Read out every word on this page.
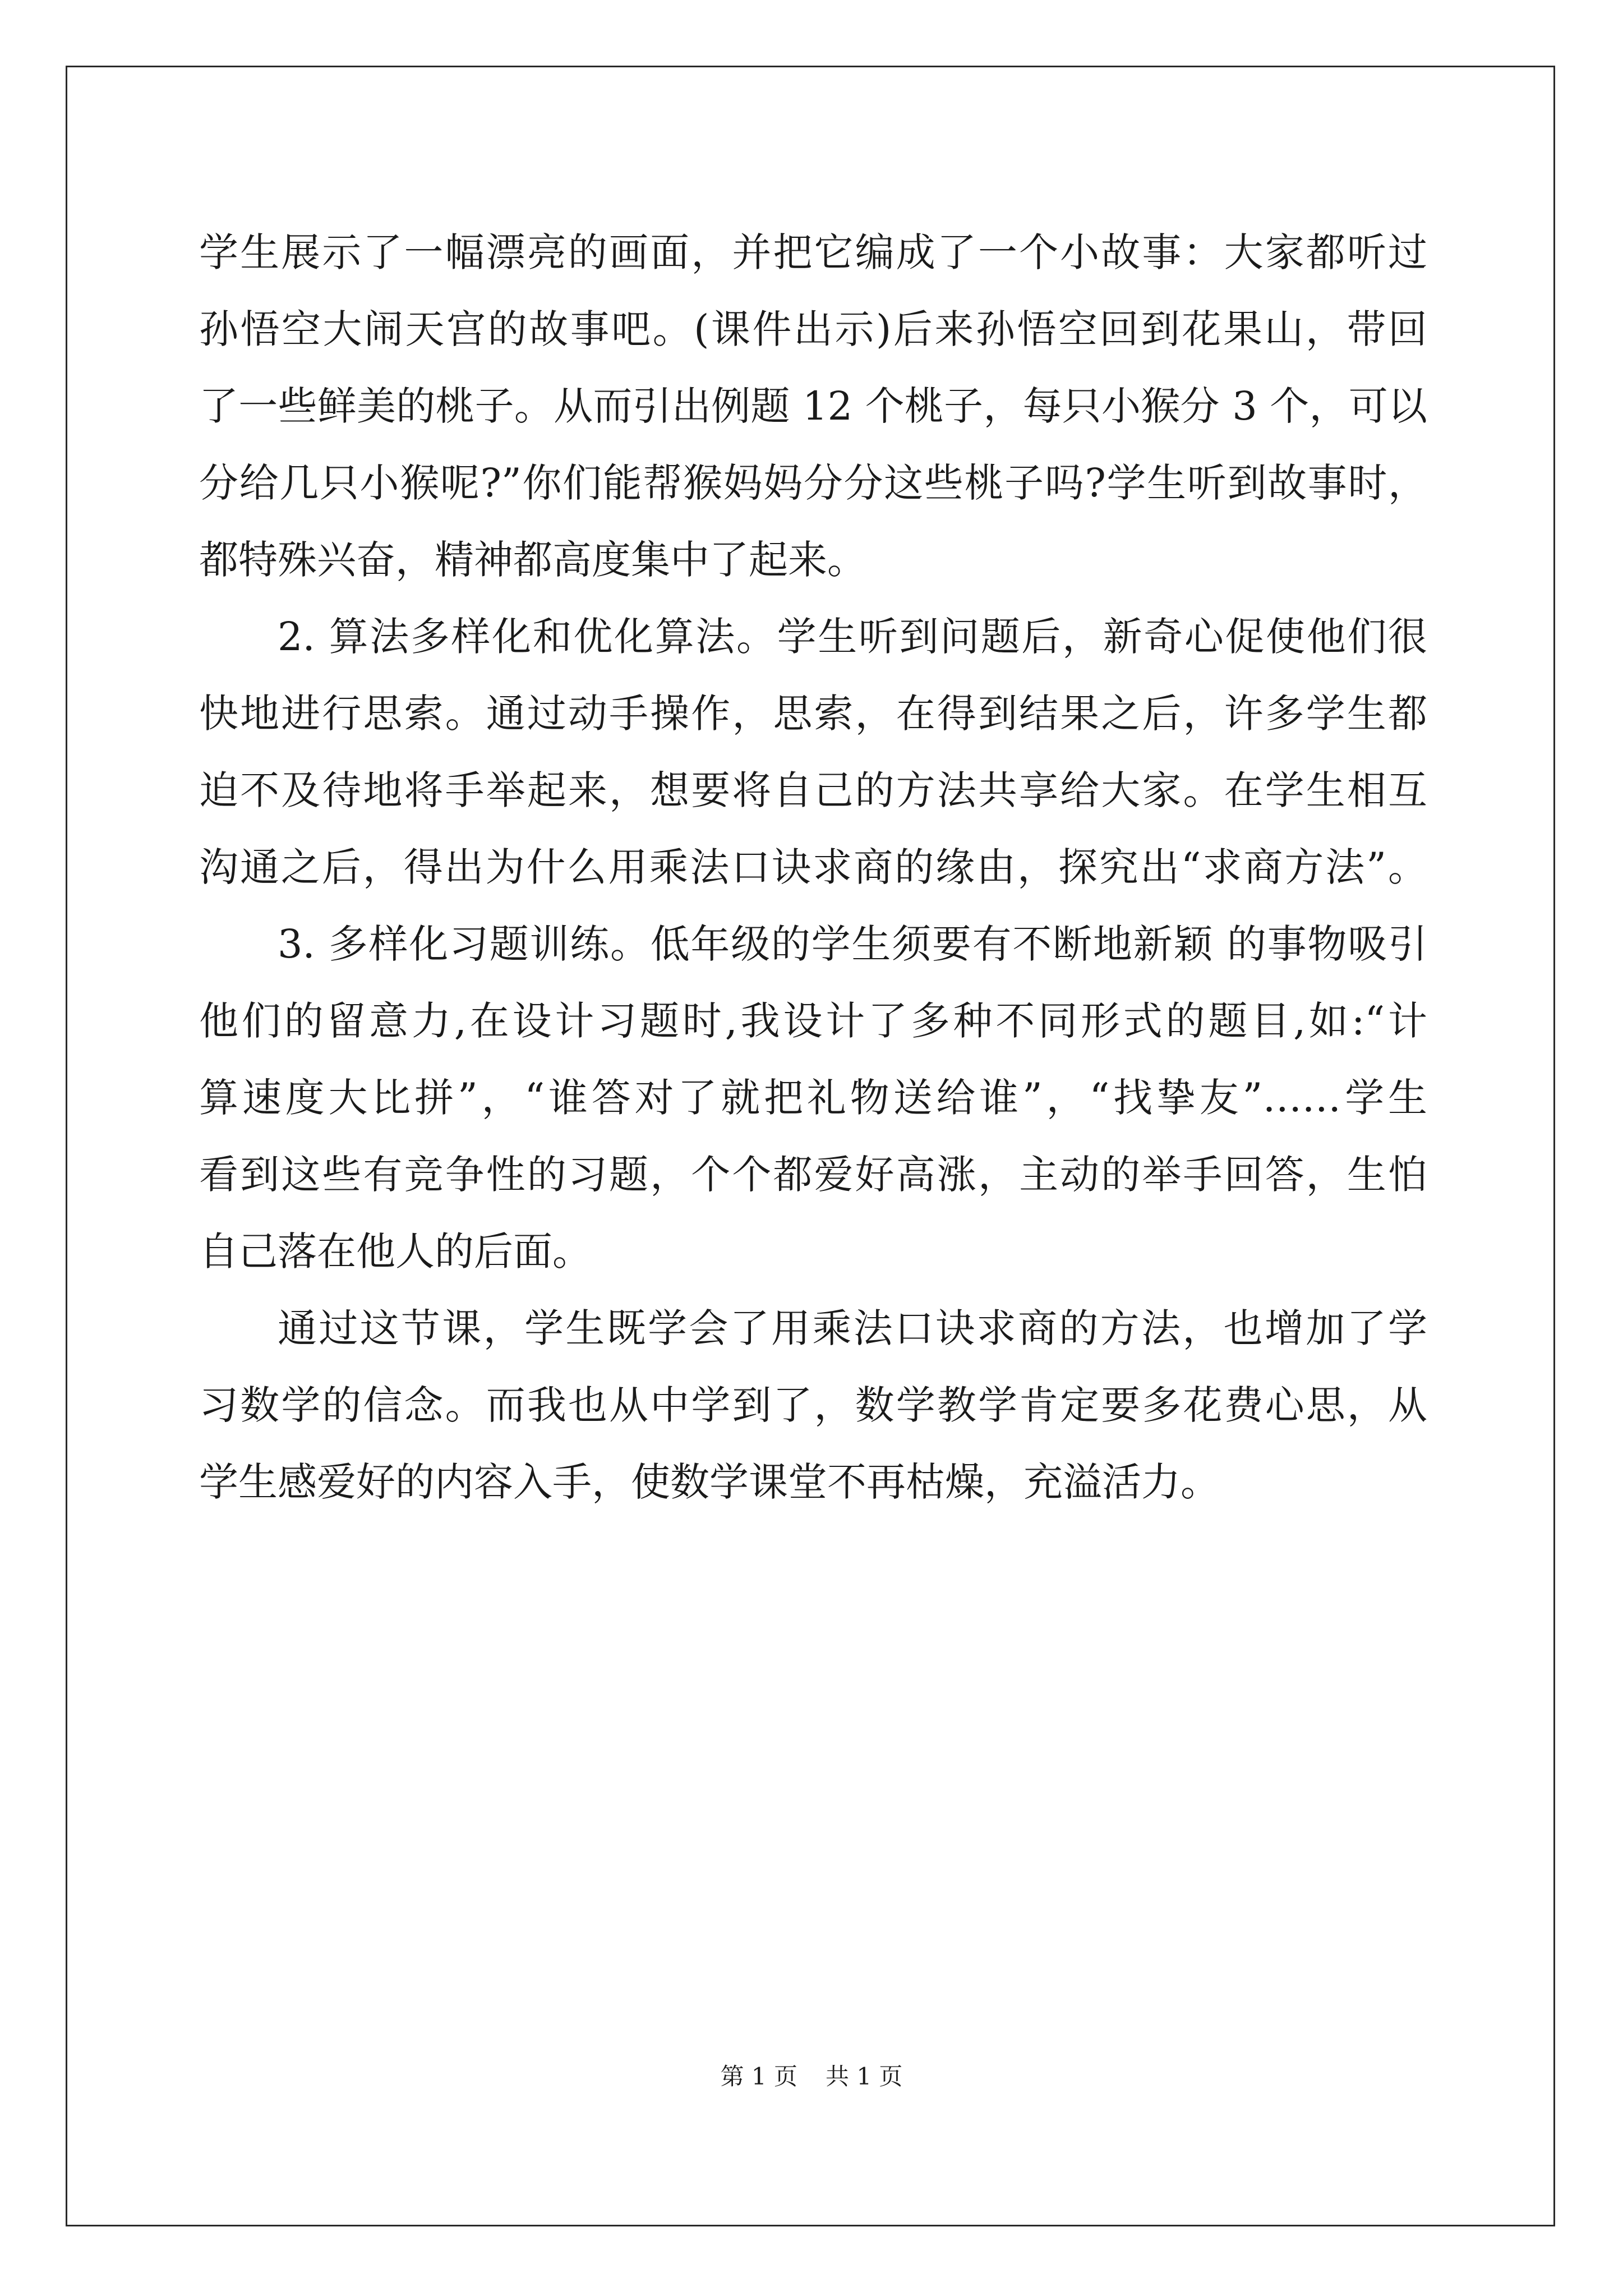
学生展示了一幅漂亮的画面，并把它编成了一个小故事：大家都听过
孙悟空大闹天宫的故事吧。(课件出示)后来孙悟空回到花果山，带回
了一些鲜美的桃子。从而引出例题 12 个桃子，每只小猴分 3 个，可以
分给几只小猴呢?”你们能帮猴妈妈分分这些桃子吗?学生听到故事时，
都特殊兴奋，精神都高度集中了起来。
2. 算法多样化和优化算法。学生听到问题后，新奇心促使他们很
快地进行思索。通过动手操作，思索，在得到结果之后，许多学生都
迫不及待地将手举起来，想要将自己的方法共享给大家。在学生相互
沟通之后，得出为什么用乘法口诀求商的缘由，探究出“求商方法”。
3. 多样化习题训练。低年级的学生须要有不断地新颖 的事物吸引
他们的留意力,在设计习题时,我设计了多种不同形式的题目,如:“计
算速度大比拼”，“谁答对了就把礼物送给谁”，“找挚友”……学生
看到这些有竞争性的习题，个个都爱好高涨，主动的举手回答，生怕
自己落在他人的后面。
通过这节课，学生既学会了用乘法口诀求商的方法，也增加了学
习数学的信念。而我也从中学到了，数学教学肯定要多花费心思，从
学生感爱好的内容入手，使数学课堂不再枯燥，充溢活力。
第 1 页 共 1 页
